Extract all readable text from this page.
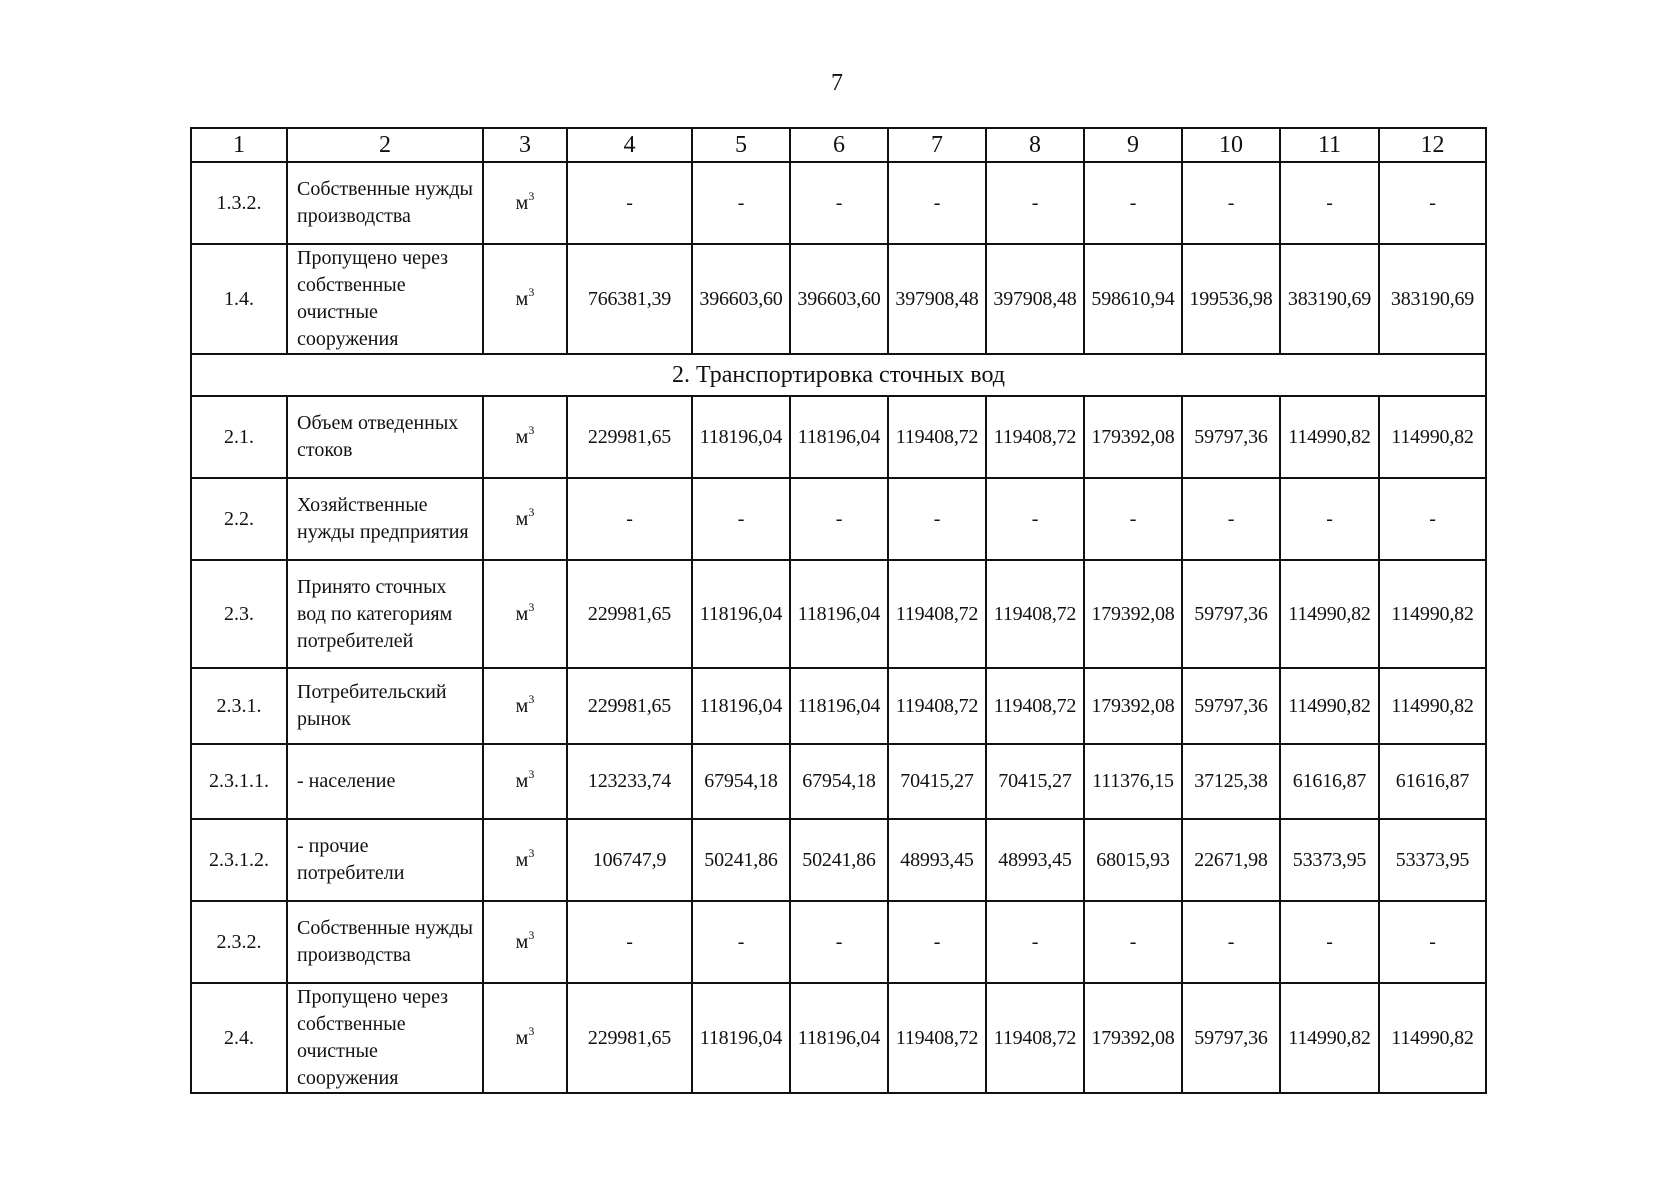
7
1	2	3	4	5	6	7	8	9	10	11	12
1.3.2.	Собственные нужды производства	$м^3$	-	-	-	-	-	-	-	-	-
1.4.	Пропущено через собственные очистные сооружения	$м^3$	766381,39	396603,60	396603,60	397908,48	397908,48	598610,94	199536,98	383190,69	383190,69
2. Транспортировка сточных вод											
2.1.	Объем отведенных стоков	$м^3$	229981,65	118196,04	118196,04	119408,72	119408,72	179392,08	59797,36	114990,82	114990,82
2.2.	Хозяйственные нужды предприятия	$м^3$	-	-	-	-	-	-	-	-	-
2.3.	Принято сточных вод по категориям потребителей	$м^3$	229981,65	118196,04	118196,04	119408,72	119408,72	179392,08	59797,36	114990,82	114990,82
2.3.1.	Потребительский рынок	$м^3$	229981,65	118196,04	118196,04	119408,72	119408,72	179392,08	59797,36	114990,82	114990,82
2.3.1.1.	- население	$м^3$	123233,74	67954,18	67954,18	70415,27	70415,27	111376,15	37125,38	61616,87	61616,87
2.3.1.2.	- прочие потребители	$м^3$	106747,9	50241,86	50241,86	48993,45	48993,45	68015,93	22671,98	53373,95	53373,95
2.3.2.	Собственные нужды производства	$м^3$	-	-	-	-	-	-	-	-	-
2.4.	Пропущено через собственные очистные сооружения	$м^3$	229981,65	118196,04	118196,04	119408,72	119408,72	179392,08	59797,36	114990,82	114990,82
